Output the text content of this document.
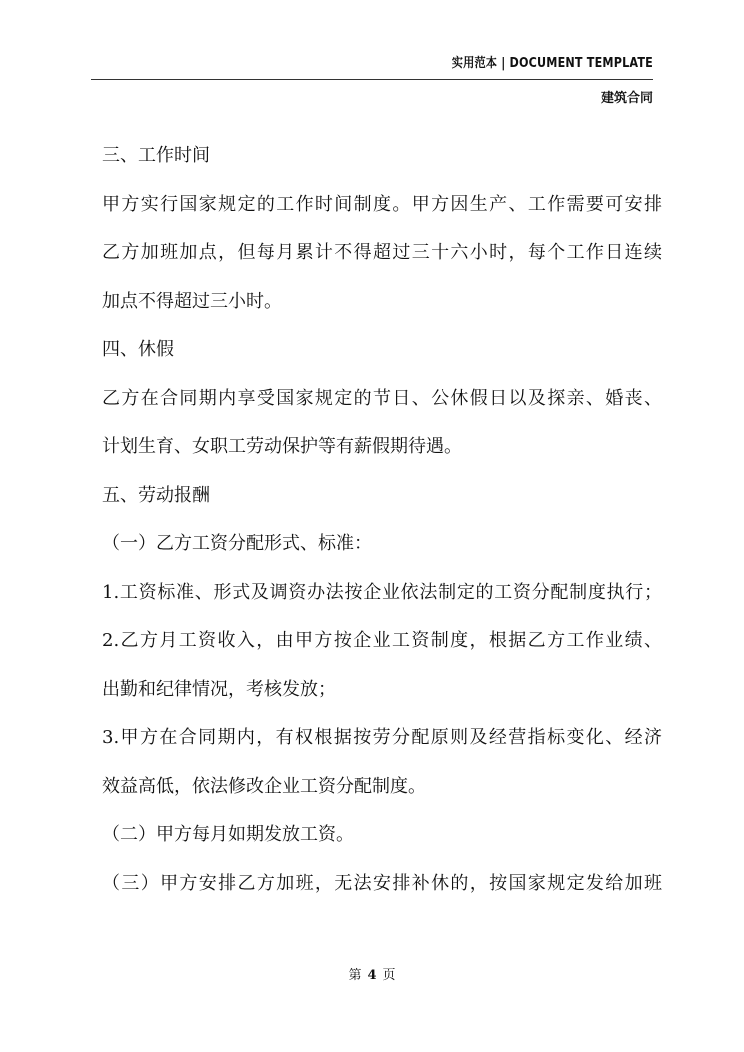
实用范本 | DOCUMENT TEMPLATE
建筑合同
三、工作时间
甲方实行国家规定的工作时间制度。甲方因生产、工作需要可安排
乙方加班加点，但每月累计不得超过三十六小时，每个工作日连续
加点不得超过三小时。
四、休假
乙方在合同期内享受国家规定的节日、公休假日以及探亲、婚丧、
计划生育、女职工劳动保护等有薪假期待遇。
五、劳动报酬
（一）乙方工资分配形式、标准：
1.工资标准、形式及调资办法按企业依法制定的工资分配制度执行；
2.乙方月工资收入，由甲方按企业工资制度，根据乙方工作业绩、
出勤和纪律情况，考核发放；
3.甲方在合同期内，有权根据按劳分配原则及经营指标变化、经济
效益高低，依法修改企业工资分配制度。
（二）甲方每月如期发放工资。
（三）甲方安排乙方加班，无法安排补休的，按国家规定发给加班
第 4 页
